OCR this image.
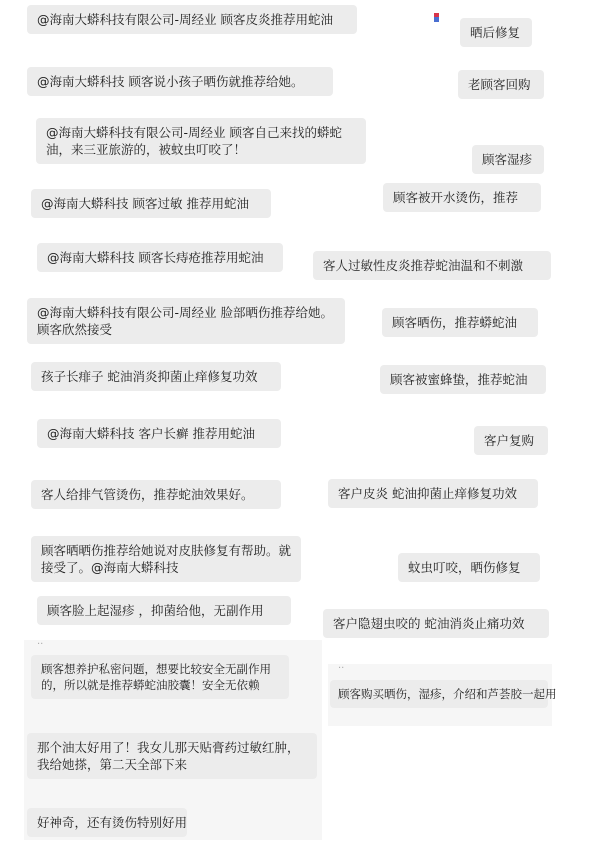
@海南大蟒科技有限公司-周经业 顾客皮炎推荐用蛇油
@海南大蟒科技 顾客说小孩子晒伤就推荐给她。
@海南大蟒科技有限公司-周经业 顾客自己来找的蟒蛇油，来三亚旅游的，被蚊虫叮咬了！
@海南大蟒科技 顾客过敏 推荐用蛇油
@海南大蟒科技 顾客长痔疮推荐用蛇油
@海南大蟒科技有限公司-周经业 脸部晒伤推荐给她。顾客欣然接受
孩子长痱子 蛇油消炎抑菌止痒修复功效
@海南大蟒科技 客户长癣 推荐用蛇油
客人给排气管烫伤，推荐蛇油效果好。
顾客晒晒伤推荐给她说对皮肤修复有帮助。就接受了。@海南大蟒科技
顾客脸上起湿疹 ，抑菌给他，无副作用
··
顾客想养护私密问题，想要比较安全无副作用的，所以就是推荐蟒蛇油胶囊！安全无依赖
那个油太好用了！我女儿那天贴膏药过敏红肿，我给她搽，第二天全部下来
好神奇，还有烫伤特别好用
晒后修复
老顾客回购
顾客湿疹
顾客被开水烫伤，推荐
客人过敏性皮炎推荐蛇油温和不刺激
顾客晒伤，推荐蟒蛇油
顾客被蜜蜂蛰，推荐蛇油
客户复购
客户皮炎 蛇油抑菌止痒修复功效
蚊虫叮咬，晒伤修复
客户隐翅虫咬的 蛇油消炎止痛功效
··
顾客购买晒伤，湿疹，介绍和芦荟胶一起用
